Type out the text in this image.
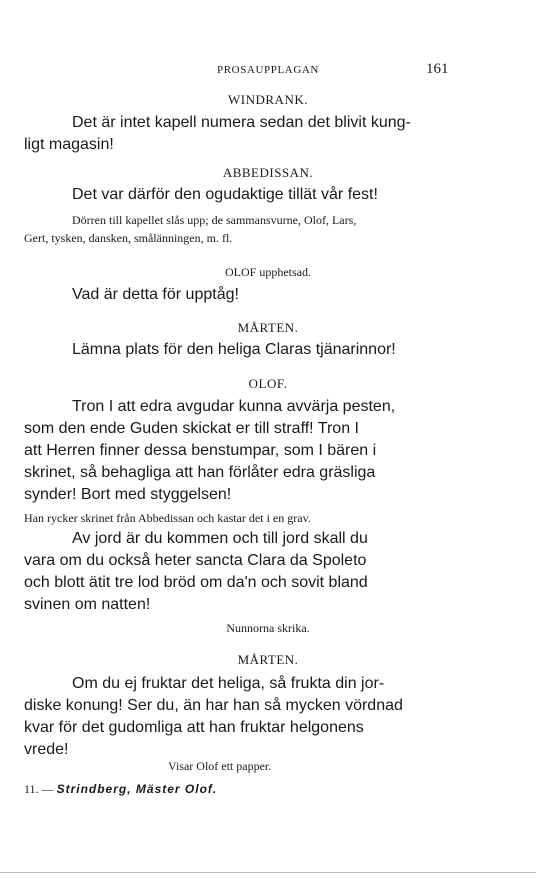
PROSAUPPLAGAN	161
WINDRANK.
Det är intet kapell numera sedan det blivit kung-
ligt magasin!
ABBEDISSAN.
Det var därför den ogudaktige tillät vår fest!
Dörren till kapellet slås upp; de sammansvurne, Olof, Lars,
Gert, tysken, dansken, smålänningen, m. fl.
OLOF upphetsad.
Vad är detta för upptåg!
MÅRTEN.
Lämna plats för den heliga Claras tjänarinnor!
OLOF.
Tron I att edra avgudar kunna avvärja pesten,
som den ende Guden skickat er till straff! Tron I
att Herren finner dessa benstumpar, som I bären i
skrinet, så behagliga att han förlåter edra gräsliga
synder! Bort med styggelsen!
Han rycker skrinet från Abbedissan och kastar det i en grav.
Av jord är du kommen och till jord skall du
vara om du också heter sancta Clara da Spoleto
och blott ätit tre lod bröd om da'n och sovit bland
svinen om natten!
Nunnorna skrika.
MÅRTEN.
Om du ej fruktar det heliga, så frukta din jor-
diske konung! Ser du, än har han så mycken vördnad
kvar för det gudomliga att han fruktar helgonens
vrede!
Visar Olof ett papper.
11. — Strindberg, Mäster Olof.
